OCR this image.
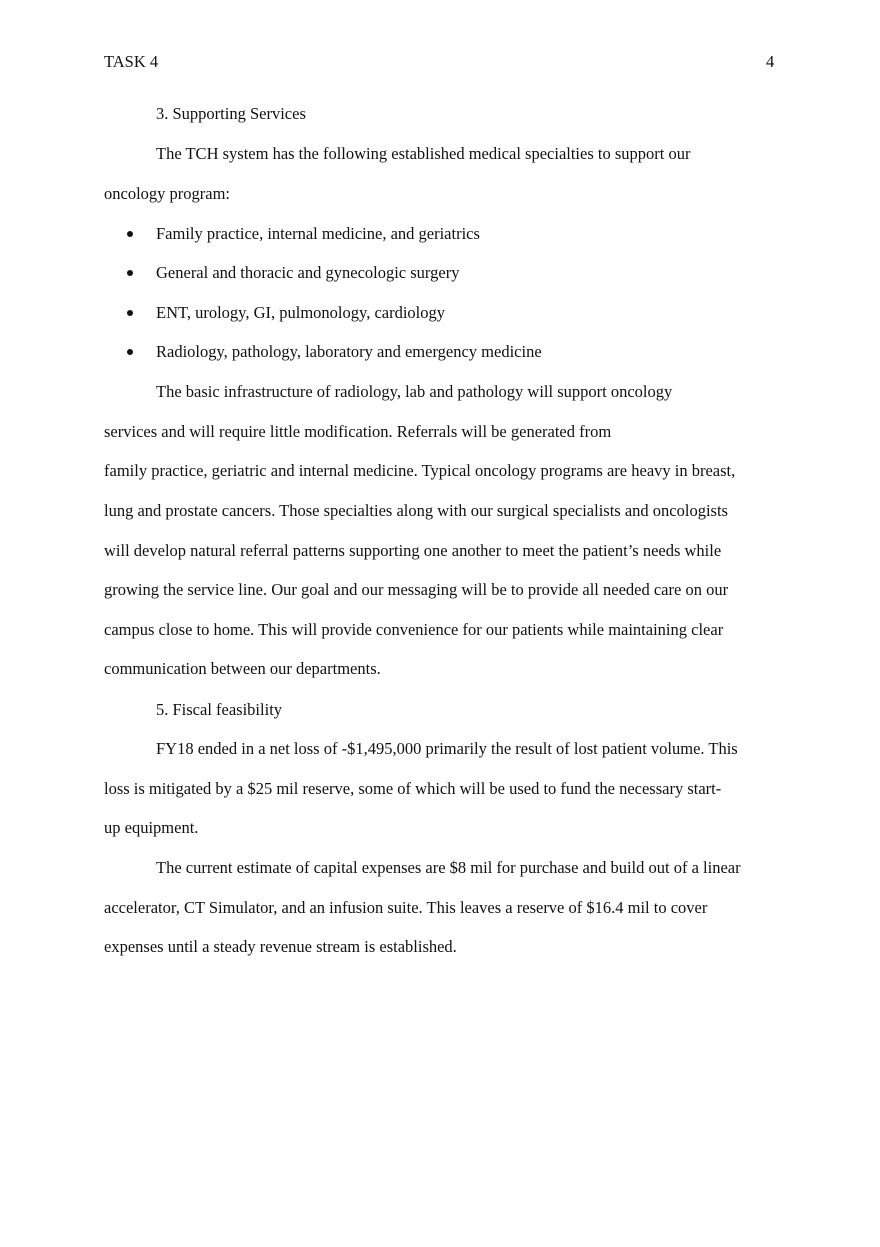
TASK 4	4
3. Supporting Services
The TCH system has the following established medical specialties to support our
oncology program:
Family practice, internal medicine, and geriatrics
General and thoracic and gynecologic surgery
ENT, urology, GI, pulmonology, cardiology
Radiology, pathology, laboratory and emergency medicine
The basic infrastructure of radiology, lab and pathology will support oncology
services and will require little modification. Referrals will be generated from
family practice, geriatric and internal medicine. Typical oncology programs are heavy in breast,
lung and prostate cancers. Those specialties along with our surgical specialists and oncologists
will develop natural referral patterns supporting one another to meet the patient’s needs while
growing the service line. Our goal and our messaging will be to provide all needed care on our
campus close to home. This will provide convenience for our patients while maintaining clear
communication between our departments.
5. Fiscal feasibility
FY18 ended in a net loss of -$1,495,000 primarily the result of lost patient volume. This
loss is mitigated by a $25 mil reserve, some of which will be used to fund the necessary start-
up equipment.
The current estimate of capital expenses are $8 mil for purchase and build out of a linear
accelerator, CT Simulator, and an infusion suite. This leaves a reserve of $16.4 mil to cover
expenses until a steady revenue stream is established.
